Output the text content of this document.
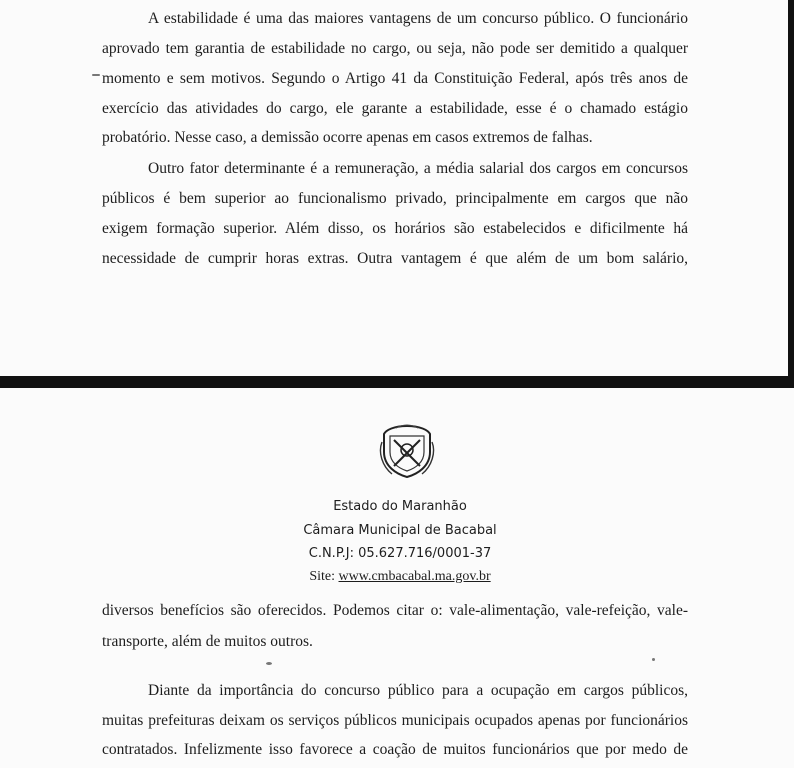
A estabilidade é uma das maiores vantagens de um concurso público. O funcionário
aprovado tem garantia de estabilidade no cargo, ou seja, não pode ser demitido a qualquer
momento e sem motivos. Segundo o Artigo 41 da Constituição Federal, após três anos de
exercício das atividades do cargo, ele garante a estabilidade, esse é o chamado estágio
probatório. Nesse caso, a demissão ocorre apenas em casos extremos de falhas.
Outro fator determinante é a remuneração, a média salarial dos cargos em concursos
públicos é bem superior ao funcionalismo privado, principalmente em cargos que não
exigem formação superior. Além disso, os horários são estabelecidos e dificilmente há
necessidade de cumprir horas extras. Outra vantagem é que além de um bom salário,
Estado do Maranhão
Câmara Municipal de Bacabal
C.N.P.J: 05.627.716/0001-37
Site: www.cmbacabal.ma.gov.br
diversos benefícios são oferecidos. Podemos citar o: vale-alimentação, vale-refeição, vale-
transporte, além de muitos outros.
Diante da importância do concurso público para a ocupação em cargos públicos,
muitas prefeituras deixam os serviços públicos municipais ocupados apenas por funcionários
contratados. Infelizmente isso favorece a coação de muitos funcionários que por medo de
